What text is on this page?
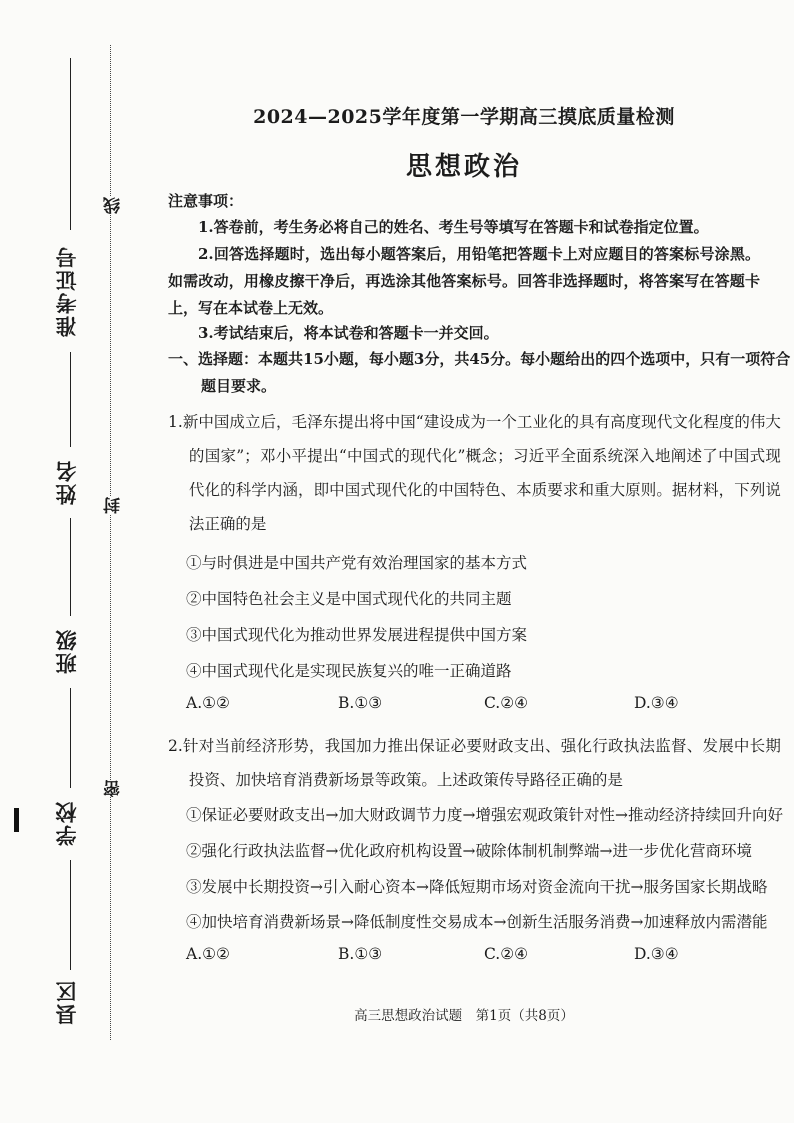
线
封
密
准考证号
姓名
班级
学校
县区
2024—2025学年度第一学期高三摸底质量检测
思想政治
注意事项：
1.答卷前，考生务必将自己的姓名、考生号等填写在答题卡和试卷指定位置。
2.回答选择题时，选出每小题答案后，用铅笔把答题卡上对应题目的答案标号涂黑。如需改动，用橡皮擦干净后，再选涂其他答案标号。回答非选择题时，将答案写在答题卡上，写在本试卷上无效。
3.考试结束后，将本试卷和答题卡一并交回。
一、选择题：本题共15小题，每小题3分，共45分。每小题给出的四个选项中，只有一项符合题目要求。
1.新中国成立后，毛泽东提出将中国“建设成为一个工业化的具有高度现代文化程度的伟大的国家”；邓小平提出“中国式的现代化”概念；习近平全面系统深入地阐述了中国式现代化的科学内涵，即中国式现代化的中国特色、本质要求和重大原则。据材料，下列说法正确的是
①与时俱进是中国共产党有效治理国家的基本方式
②中国特色社会主义是中国式现代化的共同主题
③中国式现代化为推动世界发展进程提供中国方案
④中国式现代化是实现民族复兴的唯一正确道路
A.①②	B.①③	C.②④	D.③④
2.针对当前经济形势，我国加力推出保证必要财政支出、强化行政执法监督、发展中长期投资、加快培育消费新场景等政策。上述政策传导路径正确的是
①保证必要财政支出→加大财政调节力度→增强宏观政策针对性→推动经济持续回升向好
②强化行政执法监督→优化政府机构设置→破除体制机制弊端→进一步优化营商环境
③发展中长期投资→引入耐心资本→降低短期市场对资金流向干扰→服务国家长期战略
④加快培育消费新场景→降低制度性交易成本→创新生活服务消费→加速释放内需潜能
A.①②	B.①③	C.②④	D.③④
高三思想政治试题　第1页（共8页）
